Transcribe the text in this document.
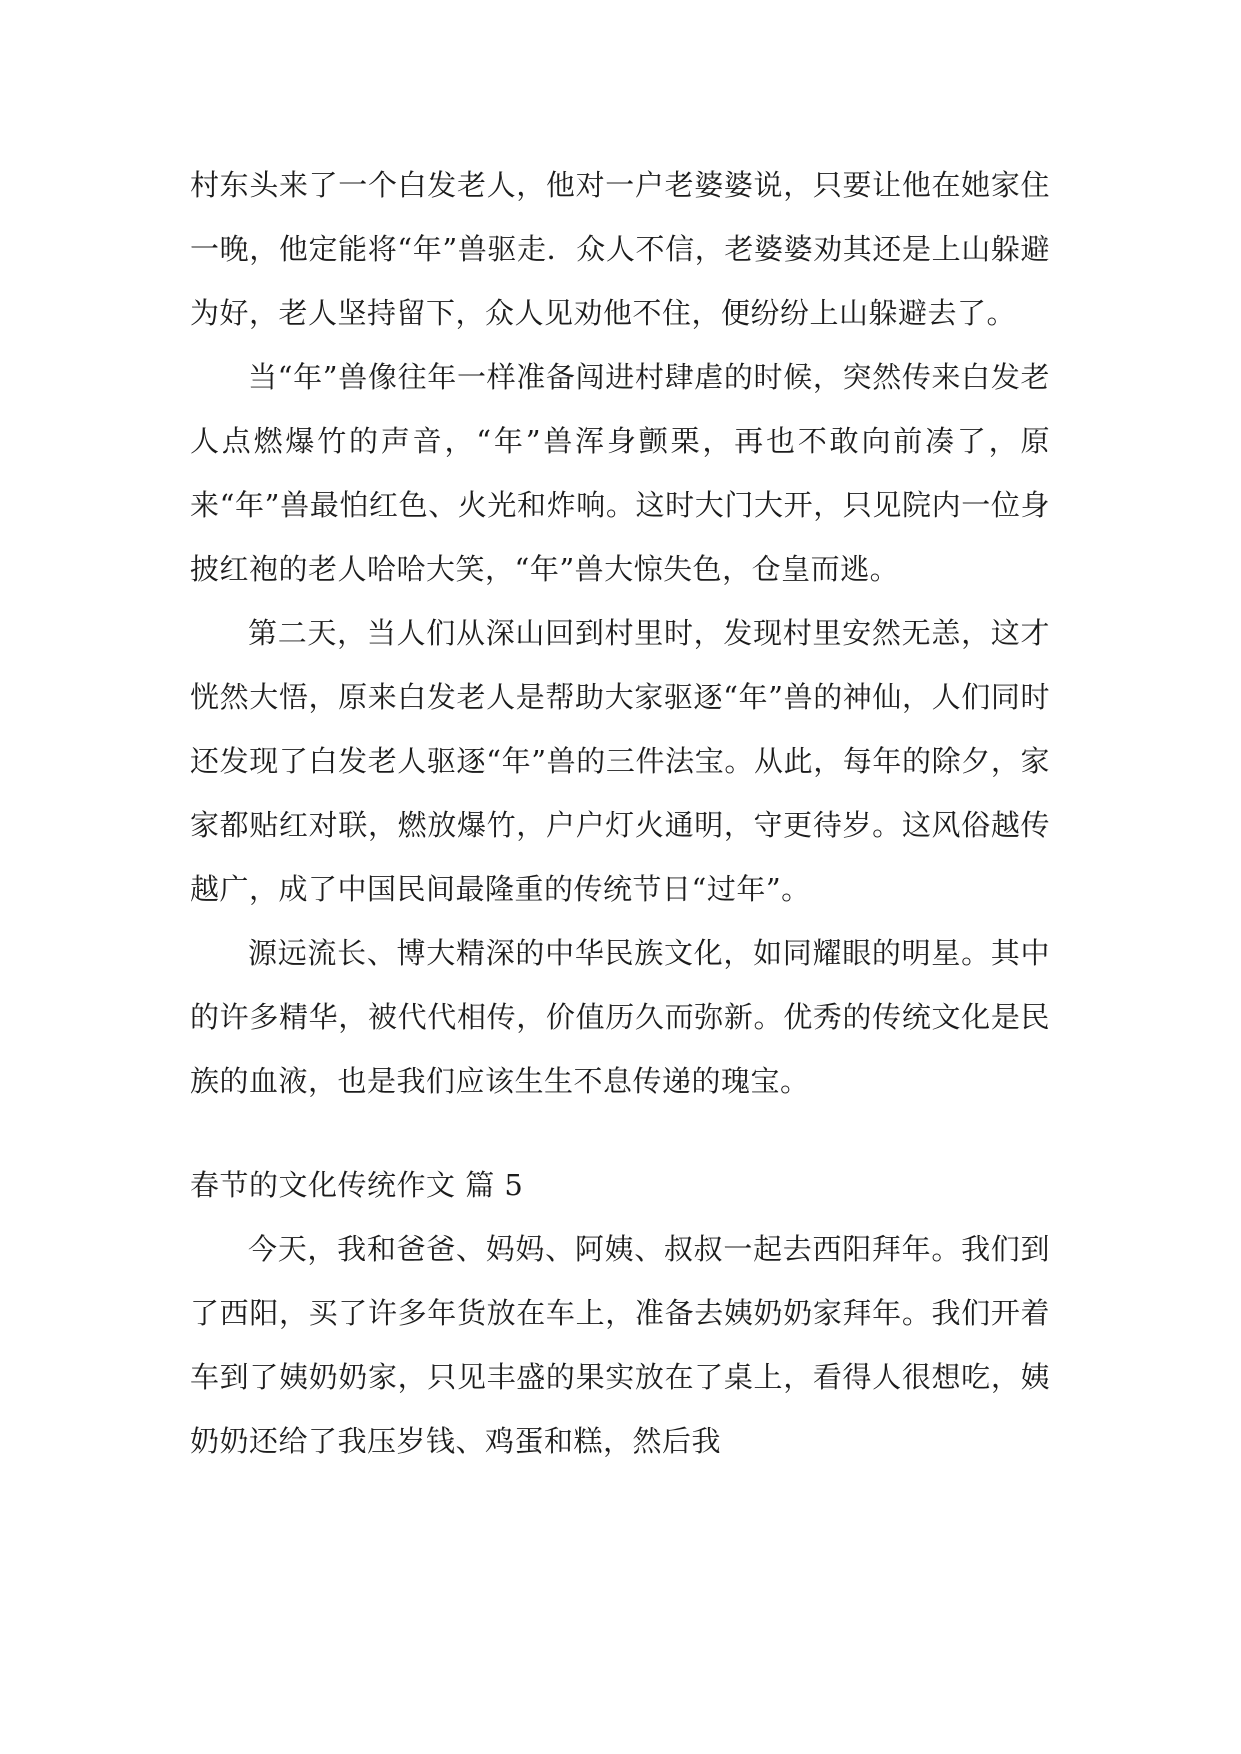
村东头来了一个白发老人，他对一户老婆婆说，只要让他在她家住一晚，他定能将“年”兽驱走．众人不信，老婆婆劝其还是上山躲避为好，老人坚持留下，众人见劝他不住，便纷纷上山躲避去了。

当“年”兽像往年一样准备闯进村肆虐的时候，突然传来白发老人点燃爆竹的声音，“年”兽浑身颤栗，再也不敢向前凑了，原来“年”兽最怕红色、火光和炸响。这时大门大开，只见院内一位身披红袍的老人哈哈大笑，“年”兽大惊失色，仓皇而逃。

第二天，当人们从深山回到村里时，发现村里安然无恙，这才恍然大悟，原来白发老人是帮助大家驱逐“年”兽的神仙，人们同时还发现了白发老人驱逐“年”兽的三件法宝。从此，每年的除夕，家家都贴红对联，燃放爆竹，户户灯火通明，守更待岁。这风俗越传越广，成了中国民间最隆重的传统节日“过年”。

源远流长、博大精深的中华民族文化，如同耀眼的明星。其中的许多精华，被代代相传，价值历久而弥新。优秀的传统文化是民族的血液，也是我们应该生生不息传递的瑰宝。

春节的文化传统作文 篇 5

今天，我和爸爸、妈妈、阿姨、叔叔一起去西阳拜年。我们到了西阳，买了许多年货放在车上，准备去姨奶奶家拜年。我们开着车到了姨奶奶家，只见丰盛的果实放在了桌上，看得人很想吃，姨奶奶还给了我压岁钱、鸡蛋和糕，然后我
